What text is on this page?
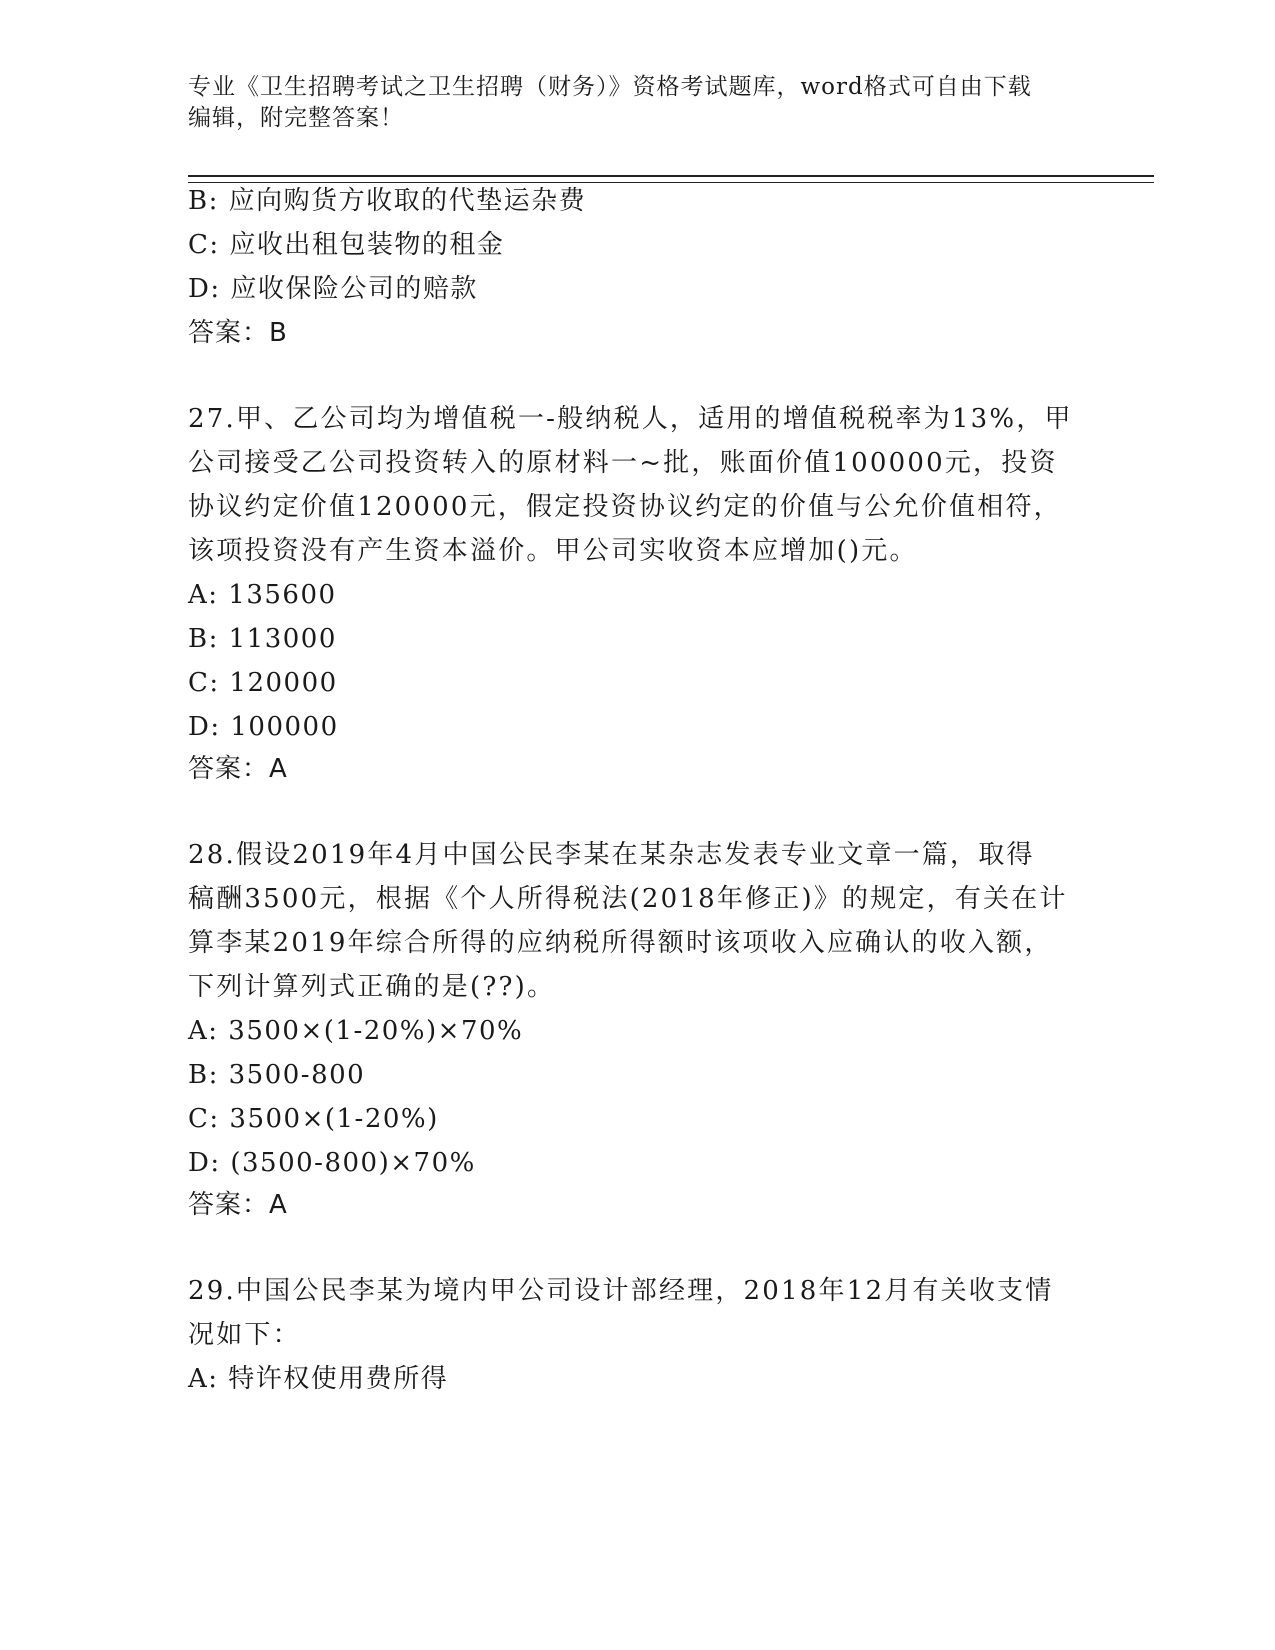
专业《卫生招聘考试之卫生招聘（财务）》资格考试题库，word格式可自由下载
编辑，附完整答案！
B: 应向购货方收取的代垫运杂费
C: 应收出租包装物的租金
D: 应收保险公司的赔款
答案：B
27.甲、乙公司均为增值税一-般纳税人，适用的增值税税率为13%，甲
公司接受乙公司投资转入的原材料一~批，账面价值100000元，投资
协议约定价值120000元，假定投资协议约定的价值与公允价值相符，
该项投资没有产生资本溢价。甲公司实收资本应增加()元。
A: 135600
B: 113000
C: 120000
D: 100000
答案：A
28.假设2019年4月中国公民李某在某杂志发表专业文章一篇，取得
稿酬3500元，根据《个人所得税法(2018年修正)》的规定，有关在计
算李某2019年综合所得的应纳税所得额时该项收入应确认的收入额，
下列计算列式正确的是(??)。
A: 3500×(1-20%)×70%
B: 3500-800
C: 3500×(1-20%)
D: (3500-800)×70%
答案：A
29.中国公民李某为境内甲公司设计部经理，2018年12月有关收支情
况如下：
A: 特许权使用费所得
